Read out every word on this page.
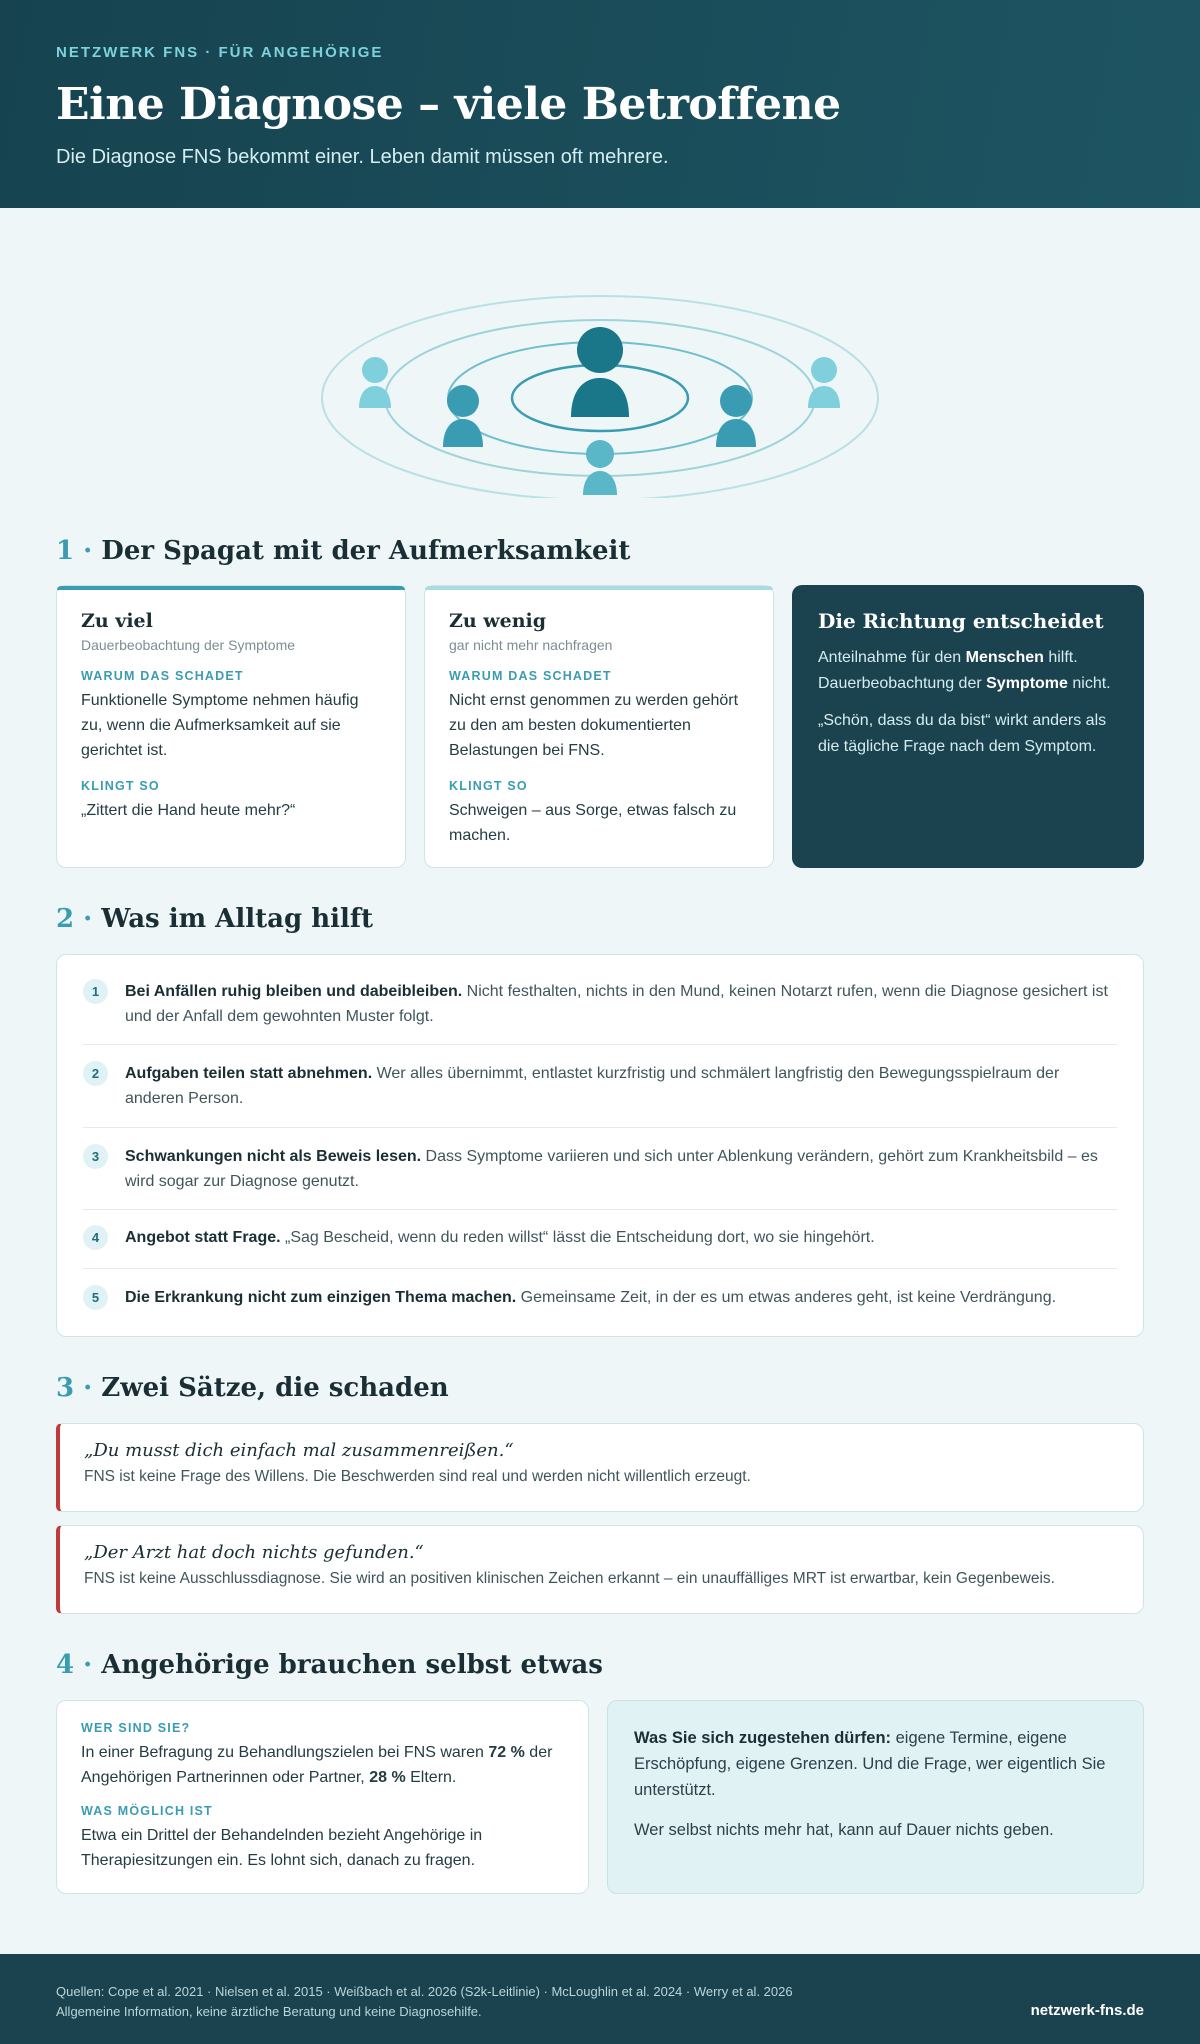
NETZWERK FNS · FÜR ANGEHÖRIGE
Eine Diagnose – viele Betroffene
Die Diagnose FNS bekommt einer. Leben damit müssen oft mehrere.
1 · Der Spagat mit der Aufmerksamkeit
Zu viel
Dauerbeobachtung der Symptome
WARUM DAS SCHADET
Funktionelle Symptome nehmen häufig zu, wenn die Aufmerksamkeit auf sie gerichtet ist.
KLINGT SO
„Zittert die Hand heute mehr?“
Zu wenig
gar nicht mehr nachfragen
WARUM DAS SCHADET
Nicht ernst genommen zu werden gehört zu den am besten dokumentierten Belastungen bei FNS.
KLINGT SO
Schweigen – aus Sorge, etwas falsch zu machen.
Die Richtung entscheidet

Anteilnahme für den Menschen hilft. Dauerbeobachtung der Symptome nicht.

„Schön, dass du da bist“ wirkt anders als die tägliche Frage nach dem Symptom.

2 · Was im Alltag hilft
1	Bei Anfällen ruhig bleiben und dabeibleiben. Nicht festhalten, nichts in den Mund, keinen Notarzt rufen, wenn die Diagnose gesichert ist und der Anfall dem gewohnten Muster folgt.
2	Aufgaben teilen statt abnehmen. Wer alles übernimmt, entlastet kurzfristig und schmälert langfristig den Bewegungsspielraum der anderen Person.
3	Schwankungen nicht als Beweis lesen. Dass Symptome variieren und sich unter Ablenkung verändern, gehört zum Krankheitsbild – es wird sogar zur Diagnose genutzt.
4	Angebot statt Frage. „Sag Bescheid, wenn du reden willst“ lässt die Entscheidung dort, wo sie hingehört.
5	Die Erkrankung nicht zum einzigen Thema machen. Gemeinsame Zeit, in der es um etwas anderes geht, ist keine Verdrängung.
3 · Zwei Sätze, die schaden
„Du musst dich einfach mal zusammenreißen.“
FNS ist keine Frage des Willens. Die Beschwerden sind real und werden nicht willentlich erzeugt.
„Der Arzt hat doch nichts gefunden.“
FNS ist keine Ausschlussdiagnose. Sie wird an positiven klinischen Zeichen erkannt – ein unauffälliges MRT ist erwartbar, kein Gegenbeweis.
4 · Angehörige brauchen selbst etwas
WER SIND SIE?
In einer Befragung zu Behandlungszielen bei FNS waren 72 % der Angehörigen Partnerinnen oder Partner, 28 % Eltern.
WAS MÖGLICH IST
Etwa ein Drittel der Behandelnden bezieht Angehörige in Therapiesitzungen ein. Es lohnt sich, danach zu fragen.

Was Sie sich zugestehen dürfen: eigene Termine, eigene Erschöpfung, eigene Grenzen. Und die Frage, wer eigentlich Sie unterstützt.

Wer selbst nichts mehr hat, kann auf Dauer nichts geben.

Quellen: Cope et al. 2021 · Nielsen et al. 2015 · Weißbach et al. 2026 (S2k-Leitlinie) · McLoughlin et al. 2024 · Werry et al. 2026
Allgemeine Information, keine ärztliche Beratung und keine Diagnosehilfe.	netzwerk-fns.de
